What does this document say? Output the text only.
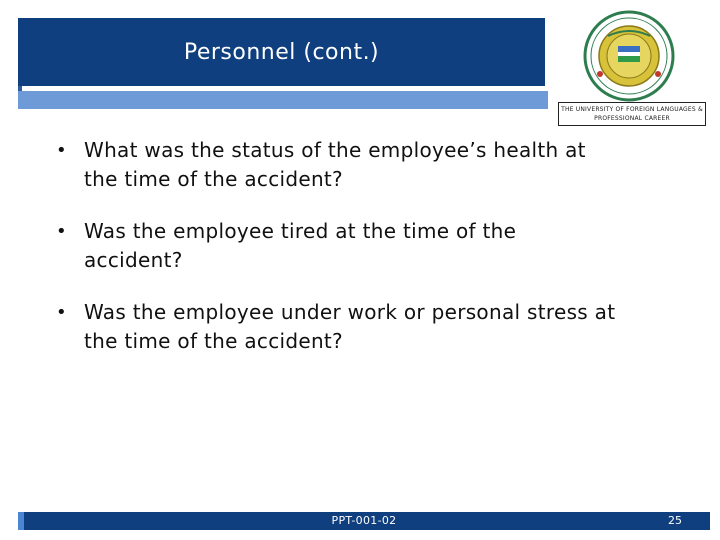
Personnel (cont.)
THE UNIVERSITY OF FOREIGN LANGUAGES & PROFESSIONAL CAREER
• What was the status of the employee’s health at the time of the accident?
• Was the employee tired at the time of the accident?
• Was the employee under work or personal stress at the time of the accident?
PPT-001-02	25
